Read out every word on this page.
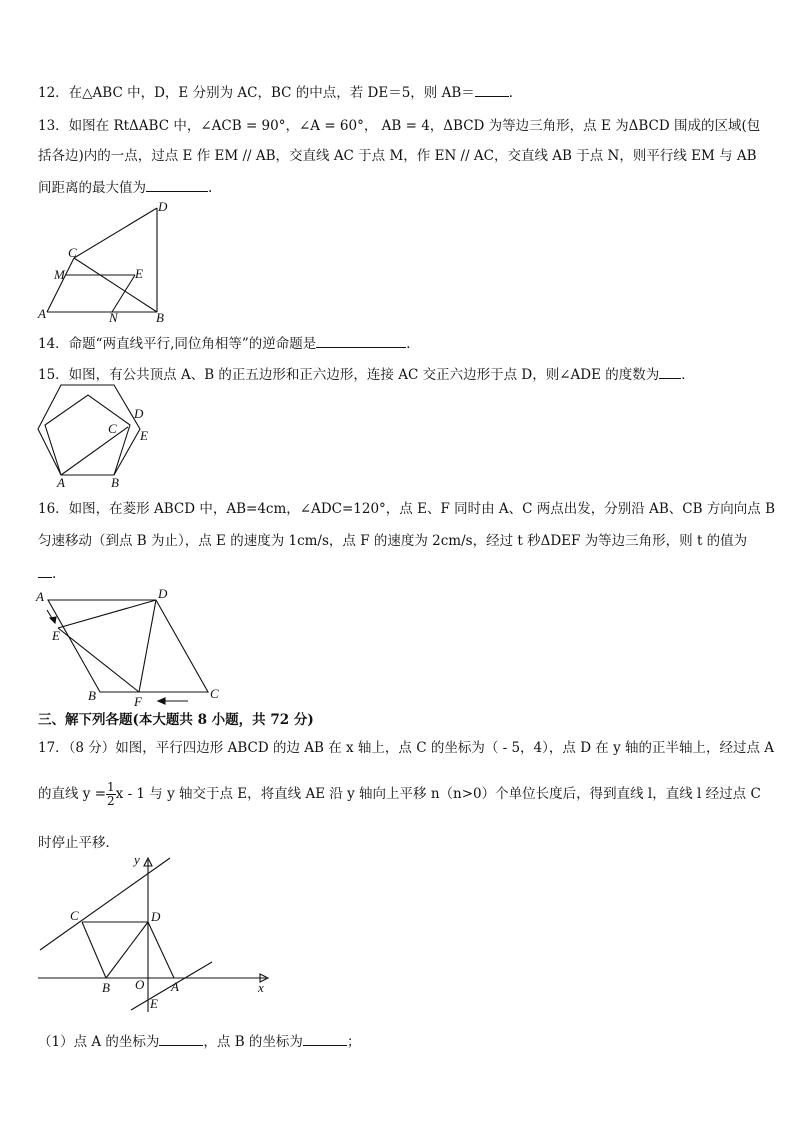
12．在△ABC 中，D，E 分别为 AC，BC 的中点，若 DE＝5，则 AB＝	．
13．如图在 RtΔABC 中，∠ACB = 90°，∠A = 60°， AB = 4，ΔBCD 为等边三角形，点 E 为ΔBCD 围成的区域(包
括各边)内的一点，过点 E 作 EM // AB，交直线 AC 于点 M，作 EN // AC，交直线 AB 于点 N，则平行线 EM 与 AB
间距离的最大值为	.
D
C
M	E
A	N	B
14．命题“两直线平行,同位角相等”的逆命题是	．
15．如图，有公共顶点 A、B 的正五边形和正六边形，连接 AC 交正六边形于点 D，则∠ADE 的度数为 ．
D
C E
A	B
16．如图，在菱形 ABCD 中，AB=4cm，∠ADC=120°，点 E、F 同时由 A、C 两点出发，分别沿 AB、CB 方向向点 B
匀速移动（到点 B 为止），点 E 的速度为 1cm/s，点 F 的速度为 2cm/s，经过 t 秒ΔDEF 为等边三角形，则 t 的值为
.
A	D
E
B	F
C
三、解下列各题(本大题共 8 小题，共 72 分)
17．（8 分）如图，平行四边形 ABCD 的边 AB 在 x 轴上，点 C 的坐标为（ - 5，4），点 D 在 y 轴的正半轴上，经过点 A
的直线 $y = \frac{1}{2}$ x - 1 与 y 轴交于点 E，将直线 AE 沿 y 轴向上平移 n（n>0）个单位长度后，得到直线 l，直线 l 经过点 C
时停止平移．
y
C	D
B O A	x
E
（1）点 A 的坐标为	，点 B 的坐标为	；
